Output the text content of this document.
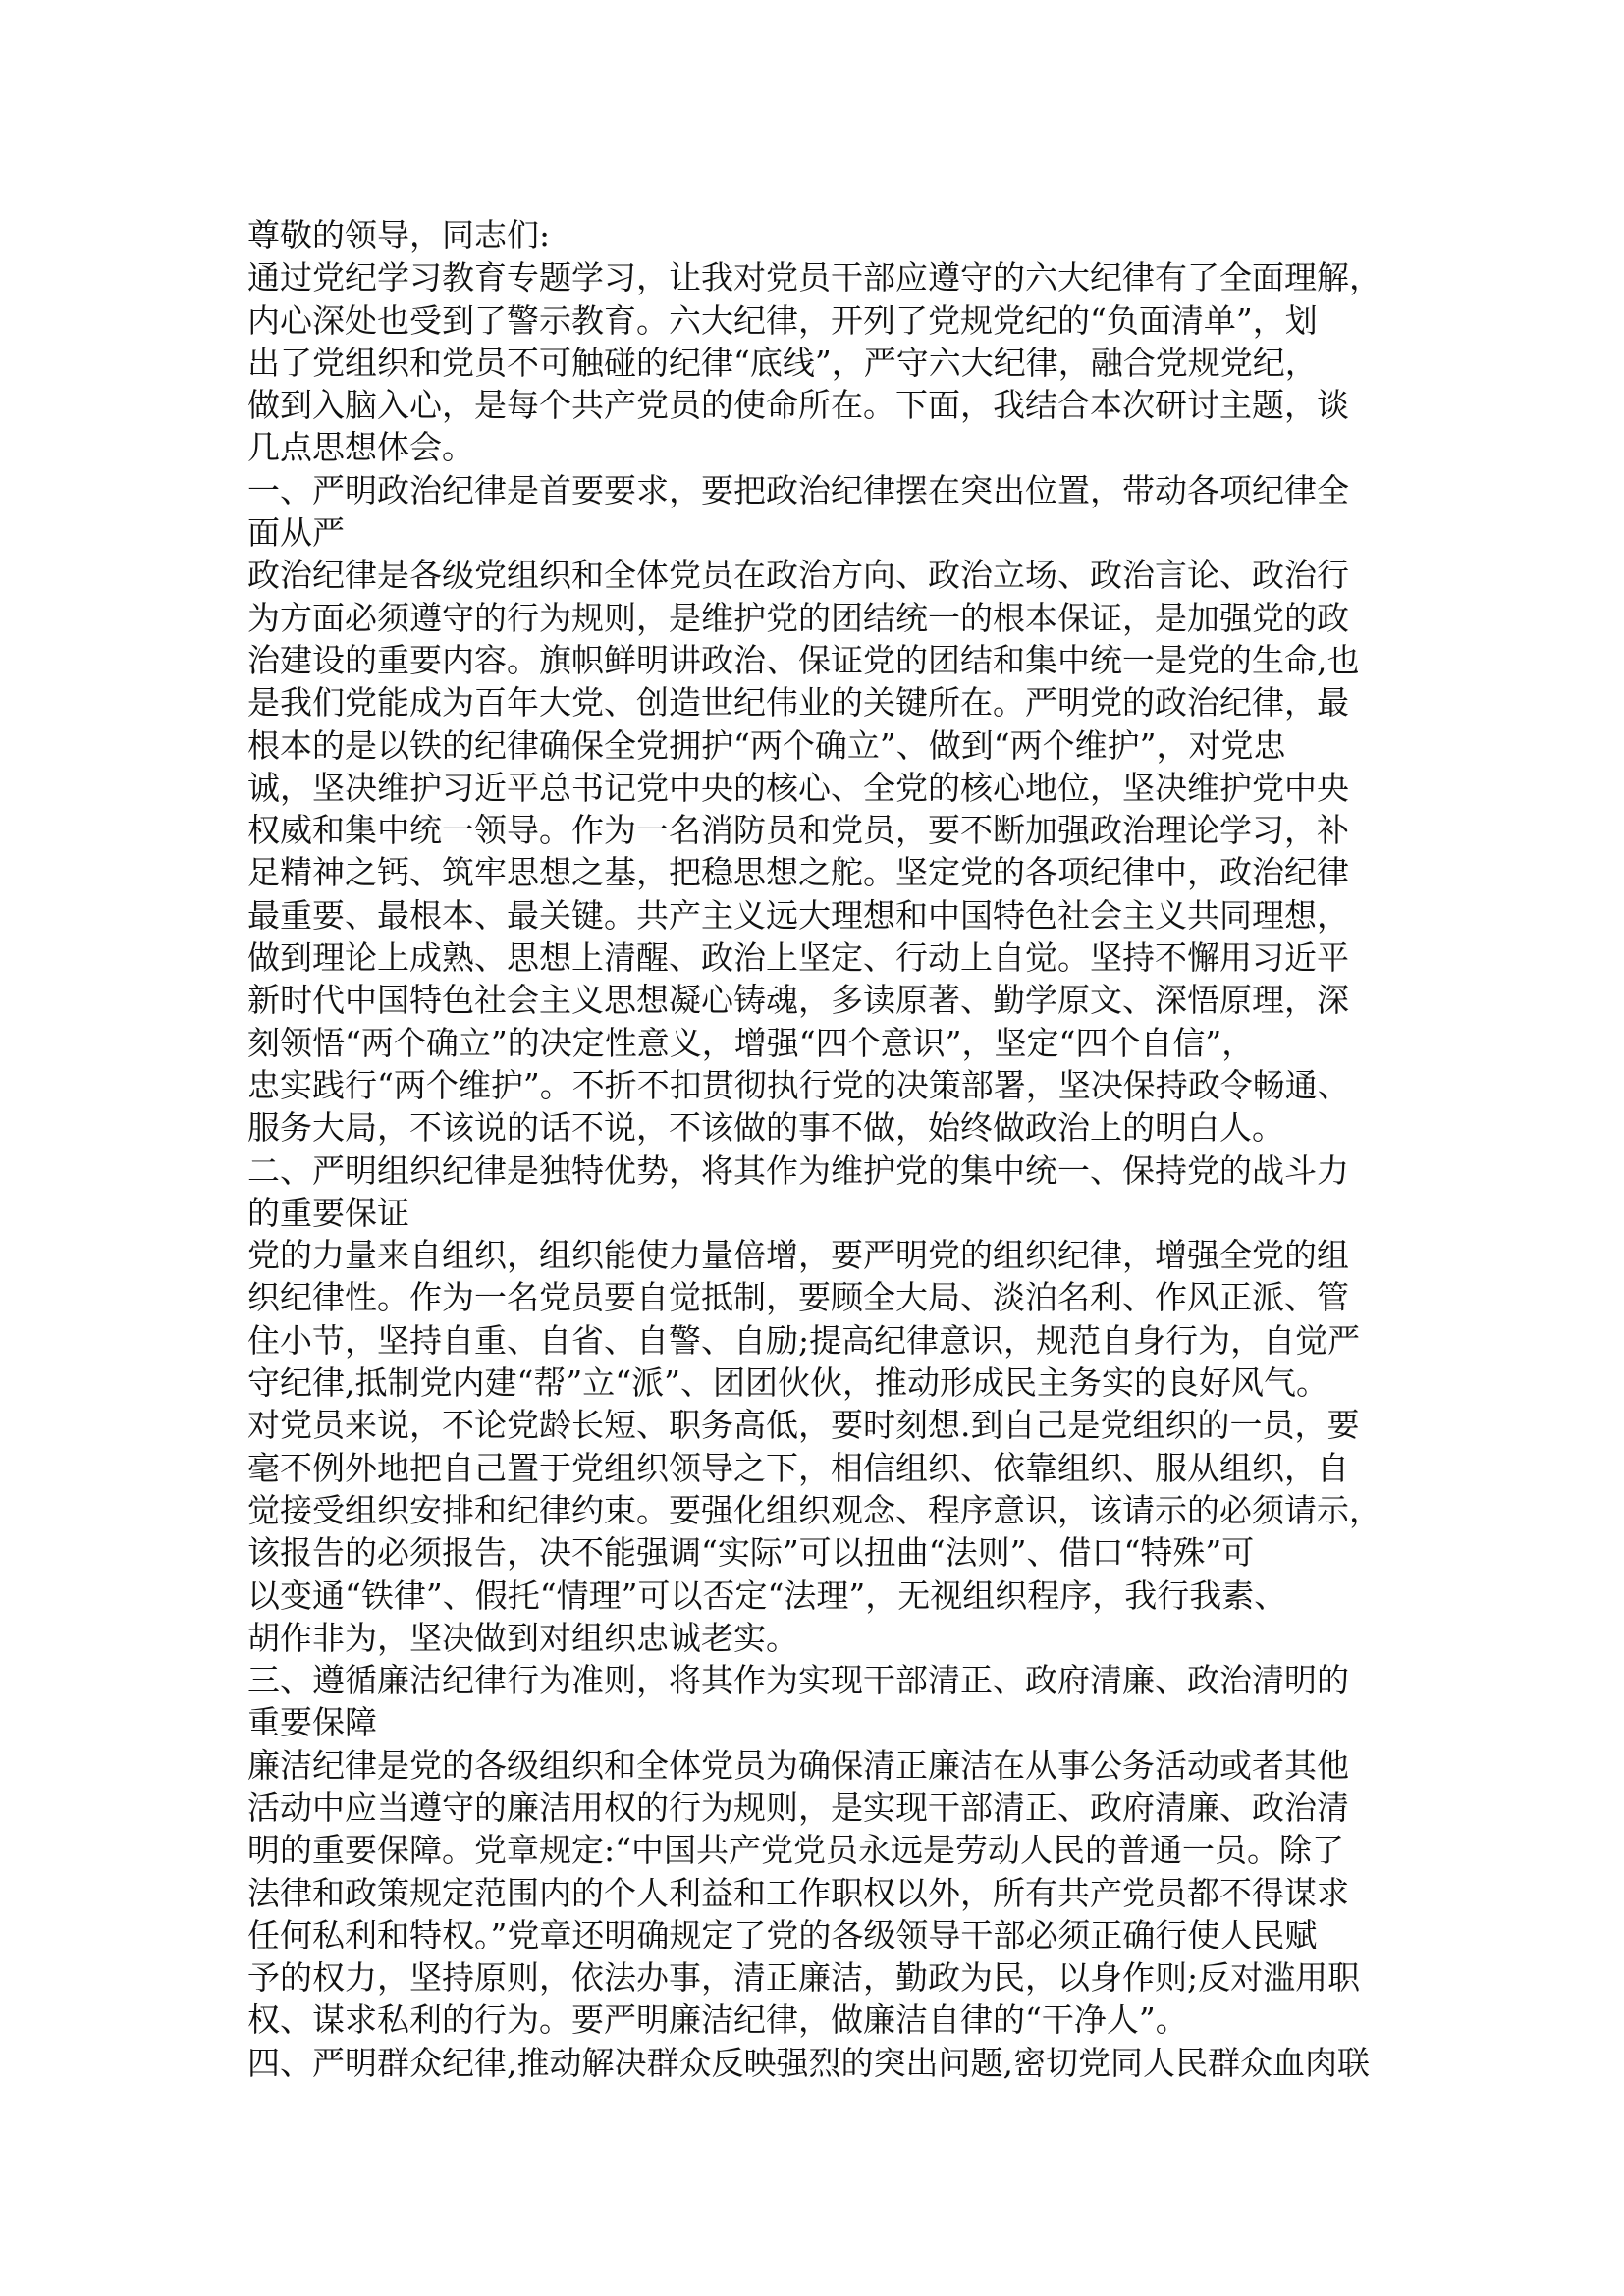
尊敬的领导，同志们:
通过党纪学习教育专题学习，让我对党员干部应遵守的六大纪律有了全面理解，
内心深处也受到了警示教育。六大纪律，开列了党规党纪的“负面清单”，划
出了党组织和党员不可触碰的纪律“底线”，严守六大纪律，融合党规党纪，
做到入脑入心，是每个共产党员的使命所在。下面，我结合本次研讨主题，谈
几点思想体会。
一、严明政治纪律是首要要求，要把政治纪律摆在突出位置，带动各项纪律全
面从严
政治纪律是各级党组织和全体党员在政治方向、政治立场、政治言论、政治行
为方面必须遵守的行为规则，是维护党的团结统一的根本保证，是加强党的政
治建设的重要内容。旗帜鲜明讲政治、保证党的团结和集中统一是党的生命,也
是我们党能成为百年大党、创造世纪伟业的关键所在。严明党的政治纪律，最
根本的是以铁的纪律确保全党拥护“两个确立”、做到“两个维护”，对党忠
诚，坚决维护习近平总书记党中央的核心、全党的核心地位，坚决维护党中央
权威和集中统一领导。作为一名消防员和党员，要不断加强政治理论学习，补
足精神之钙、筑牢思想之基，把稳思想之舵。坚定党的各项纪律中，政治纪律
最重要、最根本、最关键。共产主义远大理想和中国特色社会主义共同理想，
做到理论上成熟、思想上清醒、政治上坚定、行动上自觉。坚持不懈用习近平
新时代中国特色社会主义思想凝心铸魂，多读原著、勤学原文、深悟原理，深
刻领悟“两个确立”的决定性意义，增强“四个意识”，坚定“四个自信”，
忠实践行“两个维护”。不折不扣贯彻执行党的决策部署，坚决保持政令畅通、
服务大局，不该说的话不说，不该做的事不做，始终做政治上的明白人。
二、严明组织纪律是独特优势，将其作为维护党的集中统一、保持党的战斗力
的重要保证
党的力量来自组织，组织能使力量倍增，要严明党的组织纪律，增强全党的组
织纪律性。作为一名党员要自觉抵制，要顾全大局、淡泊名利、作风正派、管
住小节，坚持自重、自省、自警、自励;提高纪律意识，规范自身行为，自觉严
守纪律,抵制党内建“帮”立“派”、团团伙伙，推动形成民主务实的良好风气。
对党员来说，不论党龄长短、职务高低，要时刻想.到自己是党组织的一员，要
毫不例外地把自己置于党组织领导之下，相信组织、依靠组织、服从组织，自
觉接受组织安排和纪律约束。要强化组织观念、程序意识，该请示的必须请示，
该报告的必须报告，决不能强调“实际”可以扭曲“法则”、借口“特殊”可
以变通“铁律”、假托“情理”可以否定“法理”，无视组织程序，我行我素、
胡作非为，坚决做到对组织忠诚老实。
三、遵循廉洁纪律行为准则，将其作为实现干部清正、政府清廉、政治清明的
重要保障
廉洁纪律是党的各级组织和全体党员为确保清正廉洁在从事公务活动或者其他
活动中应当遵守的廉洁用权的行为规则，是实现干部清正、政府清廉、政治清
明的重要保障。党章规定:“中国共产党党员永远是劳动人民的普通一员。除了
法律和政策规定范围内的个人利益和工作职权以外，所有共产党员都不得谋求
任何私利和特权。”党章还明确规定了党的各级领导干部必须正确行使人民赋
予的权力，坚持原则，依法办事，清正廉洁，勤政为民，以身作则;反对滥用职
权、谋求私利的行为。要严明廉洁纪律，做廉洁自律的“干净人”。
四、严明群众纪律,推动解决群众反映强烈的突出问题,密切党同人民群众血肉联
